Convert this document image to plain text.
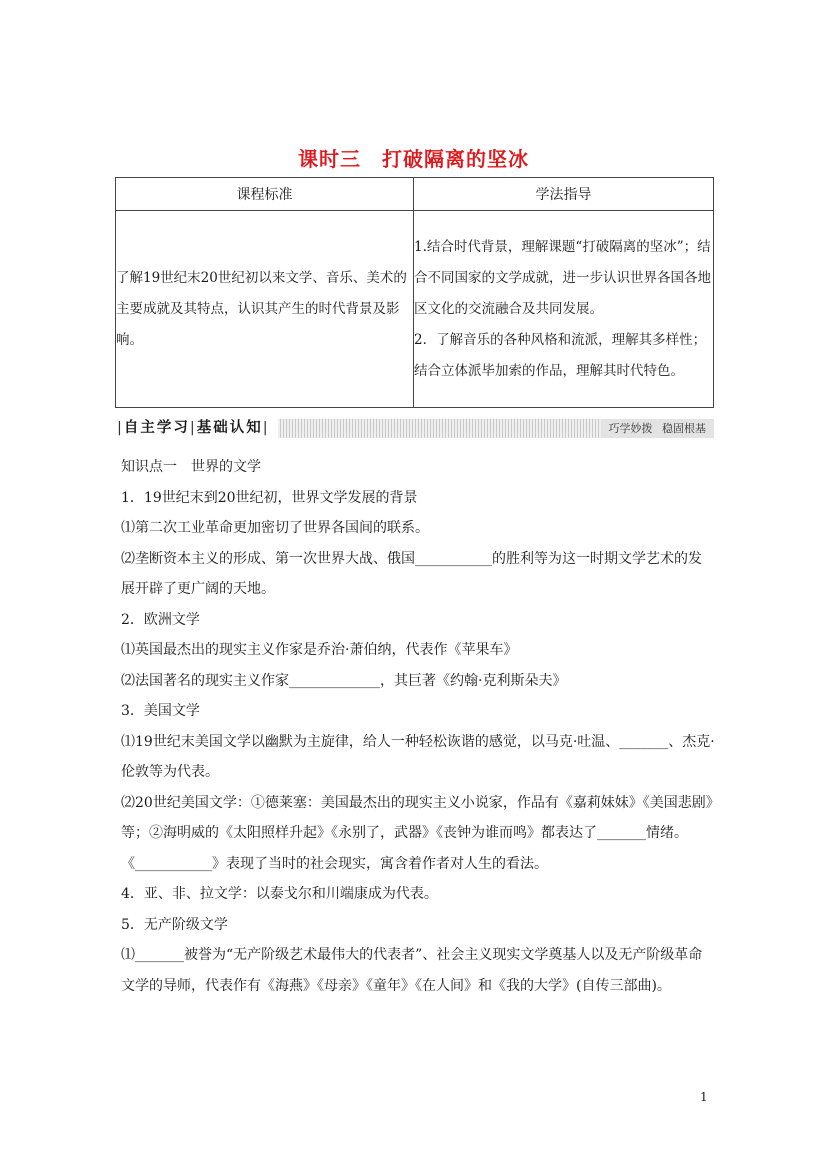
课时三　打破隔离的坚冰
课程标准	学法指导
了解19世纪末20世纪初以来文学、音乐、美术的主要成就及其特点，认识其产生的时代背景及影响。	1.结合时代背景，理解课题“打破隔离的坚冰”；结合不同国家的文学成就，进一步认识世界各国各地区文化的交流融合及共同发展。
2．了解音乐的各种风格和流派，理解其多样性；结合立体派毕加索的作品，理解其时代特色。
|自主学习|基础认知|	巧学妙拨 稳固根基

知识点一　世界的文学

1．19世纪末到20世纪初，世界文学发展的背景

⑴第二次工业革命更加密切了世界各国间的联系。

⑵垄断资本主义的形成、第一次世界大战、俄国___________的胜利等为这一时期文学艺术的发展开辟了更广阔的天地。

2．欧洲文学

⑴英国最杰出的现实主义作家是乔治·萧伯纳，代表作《苹果车》

⑵法国著名的现实主义作家_____________，其巨著《约翰·克利斯朵夫》

3．美国文学

⑴19世纪末美国文学以幽默为主旋律，给人一种轻松诙谐的感觉，以马克·吐温、_______、杰克·伦敦等为代表。

⑵20世纪美国文学：①德莱塞：美国最杰出的现实主义小说家，作品有《嘉莉妹妹》《美国悲剧》等；②海明威的《太阳照样升起》《永别了，武器》《丧钟为谁而鸣》都表达了_______情绪。《___________》表现了当时的社会现实，寓含着作者对人生的看法。

4．亚、非、拉文学：以泰戈尔和川端康成为代表。

5．无产阶级文学

⑴_______被誉为“无产阶级艺术最伟大的代表者”、社会主义现实文学奠基人以及无产阶级革命文学的导师，代表作有《海燕》《母亲》《童年》《在人间》和《我的大学》(自传三部曲)。

1
